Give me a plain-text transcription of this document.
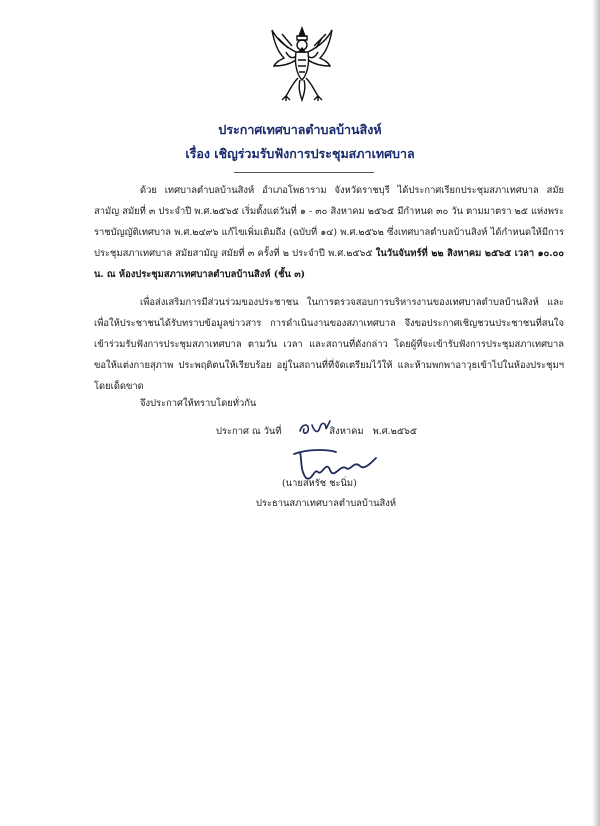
ประกาศเทศบาลตำบลบ้านสิงห์
เรื่อง เชิญร่วมรับฟังการประชุมสภาเทศบาล
ด้วย เทศบาลตำบลบ้านสิงห์ อำเภอโพธาราม จังหวัดราชบุรี ได้ประกาศเรียกประชุมสภาเทศบาล สมัยสามัญ สมัยที่ ๓ ประจำปี พ.ศ.๒๕๖๕ เริ่มตั้งแต่วันที่ ๑ - ๓๐ สิงหาคม ๒๕๖๕ มีกำหนด ๓๐ วัน ตามมาตรา ๒๕ แห่งพระราชบัญญัติเทศบาล พ.ศ.๒๔๙๖ แก้ไขเพิ่มเติมถึง (ฉบับที่ ๑๔) พ.ศ.๒๕๖๒ ซึ่งเทศบาลตำบลบ้านสิงห์ ได้กำหนดให้มีการประชุมสภาเทศบาล สมัยสามัญ สมัยที่ ๓ ครั้งที่ ๒ ประจำปี พ.ศ.๒๕๖๕ ในวันจันทร์ที่ ๒๒ สิงหาคม ๒๕๖๕ เวลา ๑๐.๐๐ น. ณ ห้องประชุมสภาเทศบาลตำบลบ้านสิงห์ (ชั้น ๓)
เพื่อส่งเสริมการมีส่วนร่วมของประชาชน ในการตรวจสอบการบริหารงานของเทศบาลตำบลบ้านสิงห์ และเพื่อให้ประชาชนได้รับทราบข้อมูลข่าวสาร การดำเนินงานของสภาเทศบาล จึงขอประกาศเชิญชวนประชาชนที่สนใจเข้าร่วมรับฟังการประชุมสภาเทศบาล ตามวัน เวลา และสถานที่ดังกล่าว โดยผู้ที่จะเข้ารับฟังการประชุมสภาเทศบาล ขอให้แต่งกายสุภาพ ประพฤติตนให้เรียบร้อย อยู่ในสถานที่ที่จัดเตรียมไว้ให้ และห้ามพกพาอาวุธเข้าไปในห้องประชุมฯ โดยเด็ดขาด
จึงประกาศให้ทราบโดยทั่วกัน
ประกาศ ณ วันที่	สิงหาคม พ.ศ.๒๕๖๕
(นายสหรัช ชะนิ่ม)
ประธานสภาเทศบาลตำบลบ้านสิงห์
